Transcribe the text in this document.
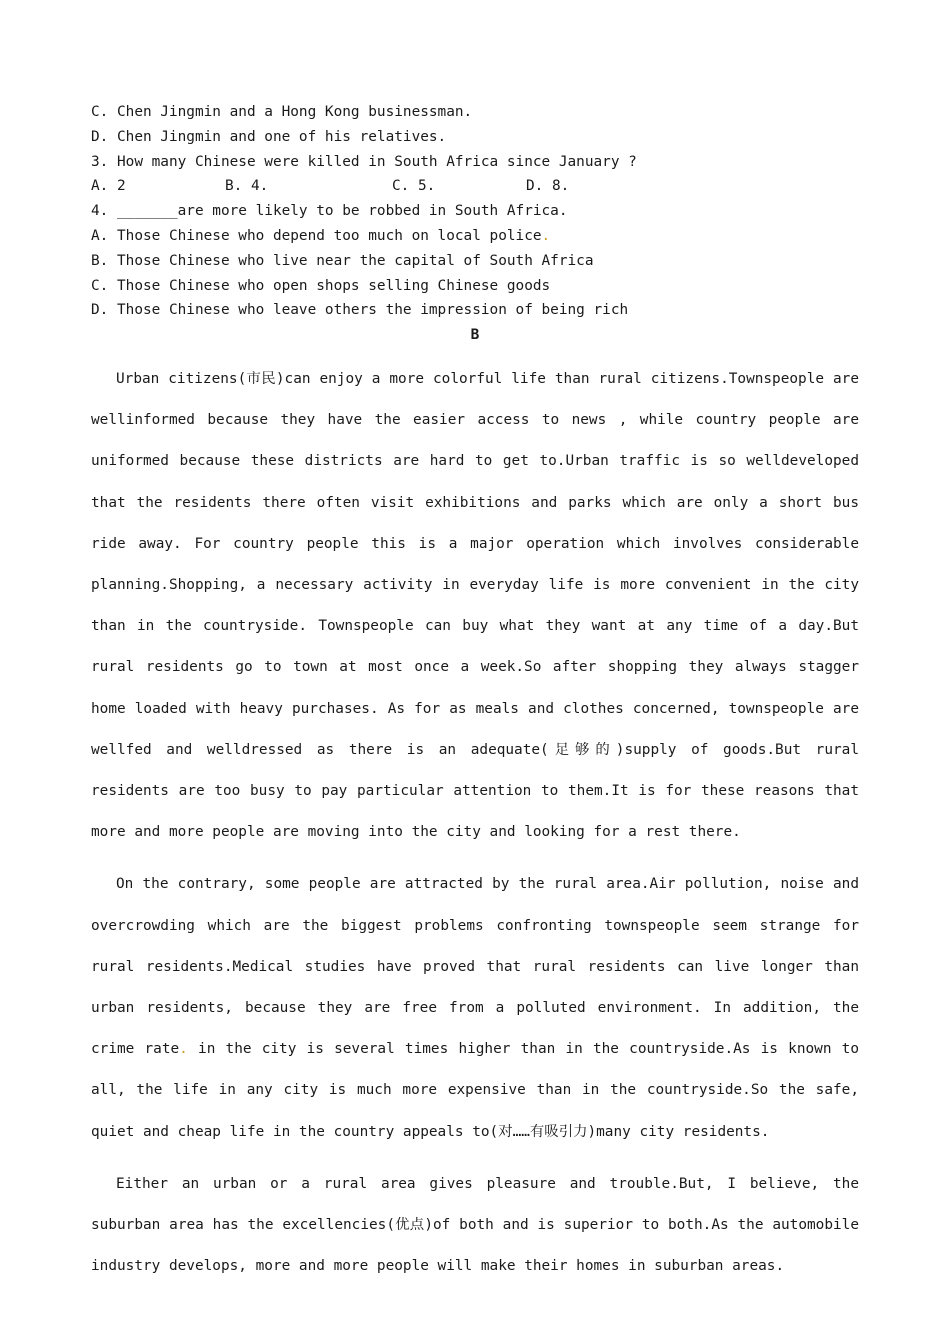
C. Chen Jingmin and a Hong Kong businessman.
D. Chen Jingmin and one of his relatives.
3. How many Chinese were killed in South Africa since January ?
A. 2	B. 4.	C. 5.	D. 8.
4. _______are more likely to be robbed in South Africa.
A. Those Chinese who depend too much on local police.
B. Those Chinese who live near the capital of South Africa
C. Those Chinese who open shops selling Chinese goods
D. Those Chinese who leave others the impression of being rich
B

Urban citizens(市民)can enjoy a more colorful life than rural citizens.Townspeople are wellinformed because they have the easier access to news , while country people are uniformed because these districts are hard to get to.Urban traffic is so welldeveloped that the residents there often visit exhibitions and parks which are only a short bus ride away. For country people this is a major operation which involves considerable planning.Shopping, a necessary activity in everyday life is more convenient in the city than in the countryside. Townspeople can buy what they want at any time of a day.But rural residents go to town at most once a week.So after shopping they always stagger home loaded with heavy purchases. As for as meals and clothes concerned, townspeople are wellfed and welldressed as there is an adequate(足够的)supply of goods.But rural residents are too busy to pay particular attention to them.It is for these reasons that more and more people are moving into the city and looking for a rest there.

On the contrary, some people are attracted by the rural area.Air pollution, noise and overcrowding which are the biggest problems confronting townspeople seem strange for rural residents.Medical studies have proved that rural residents can live longer than urban residents, because they are free from a polluted environment. In addition, the crime rate. in the city is several times higher than in the countryside.As is known to all, the life in any city is much more expensive than in the countryside.So the safe, quiet and cheap life in the country appeals to(对……有吸引力)many city residents.

Either an urban or a rural area gives pleasure and trouble.But, I believe, the suburban area has the excellencies(优点)of both and is superior to both.As the automobile industry develops, more and more people will make their homes in suburban areas.
